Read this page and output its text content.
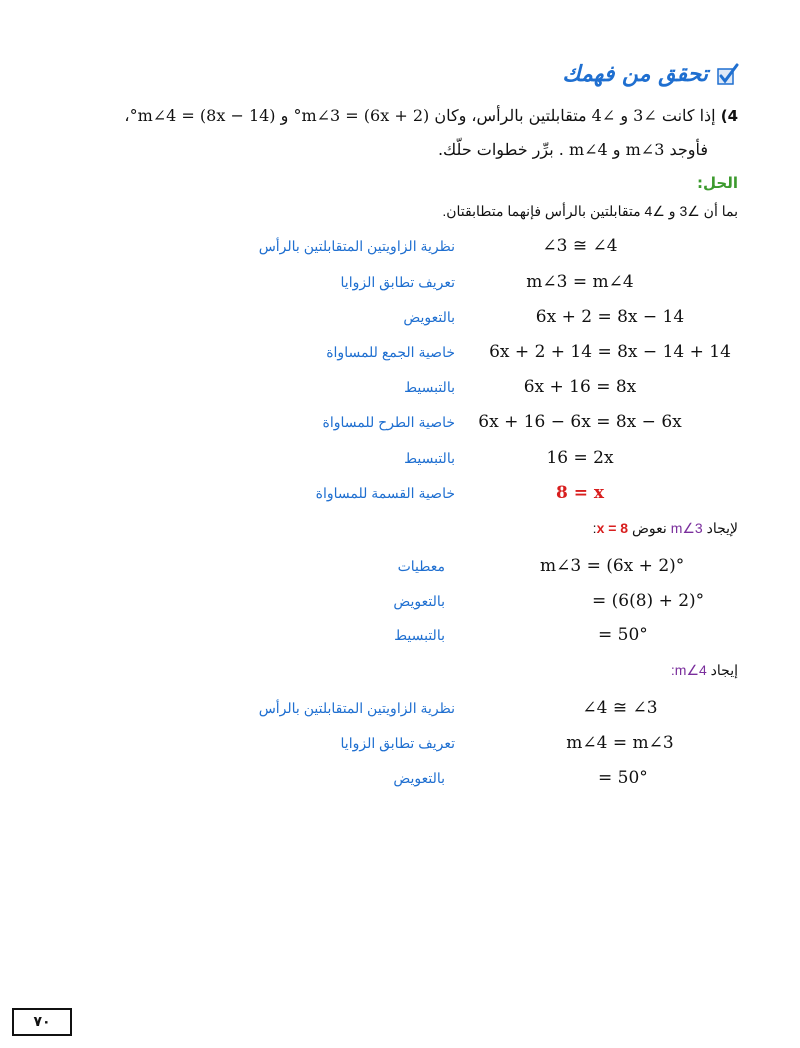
تحقق من فهمك
4) إذا كانت ∠3 و ∠4 متقابلتين بالرأس، وكان m∠3 = (6x + 2)° و m∠4 = (8x − 14)°،
فأوجد m∠3 و m∠4 . برِّر خطوات حلّك.
الحل:
بما أن ∠3 و ∠4 متقابلتين بالرأس فإنهما متطابقتان.
∠3 ≅ ∠4
نظرية الزاويتين المتقابلتين بالرأس
m∠3 = m∠4
تعريف تطابق الزوايا
6x + 2 = 8x − 14
بالتعويض
6x + 2 + 14 = 8x − 14 + 14
خاصية الجمع للمساواة
6x + 16 = 8x
بالتبسيط
6x + 16 − 6x = 8x − 6x
خاصية الطرح للمساواة
16 = 2x
بالتبسيط
8 = x
خاصية القسمة للمساواة
لإيجاد m∠3 نعوض x = 8:
m∠3 = (6x + 2)°
معطيات
= (6(8) + 2)°
بالتعويض
= 50°
بالتبسيط
إيجاد m∠4:
∠4 ≅ ∠3
نظرية الزاويتين المتقابلتين بالرأس
m∠4 = m∠3
تعريف تطابق الزوايا
= 50°
بالتعويض
٧٠
